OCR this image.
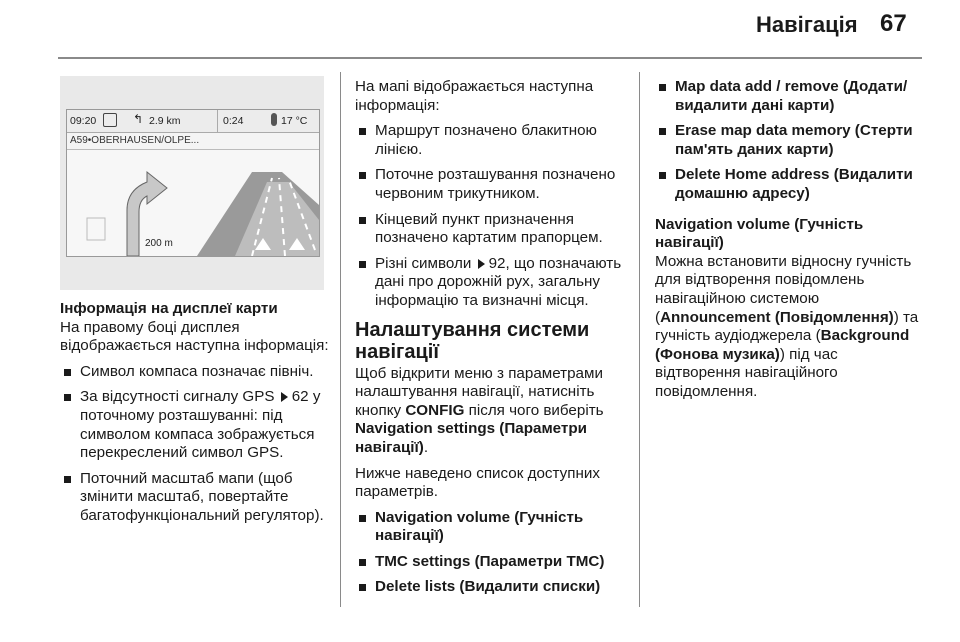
Навігація 67
09:20	↰ 2.9 km	0:24	17 °C
A59•OBERHAUSEN/OLPE...
200 m
Інформація на дисплеї карти

На правому боці дисплея відображається наступна інформація:

Символ компаса позначає північ.
За відсутності сигналу GPS 62 у поточному розташуванні: під символом компаса зображується перекреслений символ GPS.
Поточний масштаб мапи (щоб змінити масштаб, повертайте багатофункціональний регулятор).

На мапі відображається наступна інформація:

Маршрут позначено блакитною лінією.
Поточне розташування позначено червоним трикутником.
Кінцевий пункт призначення позначено картатим прапорцем.
Різні символи 92, що позначають дані про дорожній рух, загальну інформацію та визначні місця.
Налаштування системи навігації

Щоб відкрити меню з параметрами налаштування навігації, натисніть кнопку CONFIG після чого виберіть Navigation settings (Параметри навігації).

Нижче наведено список доступних параметрів.

Navigation volume (Гучність навігації)
TMC settings (Параметри TMC)
Delete lists (Видалити списки)
Map data add / remove (Додати/ видалити дані карти)
Erase map data memory (Стерти пам'ять даних карти)
Delete Home address (Видалити домашню адресу)
Navigation volume (Гучність навігації)

Можна встановити відносну гучність для відтворення повідомлень навігаційною системою (Announcement (Повідомлення)) та гучність аудіоджерела (Background (Фонова музика)) під час відтворення навігаційного повідомлення.
